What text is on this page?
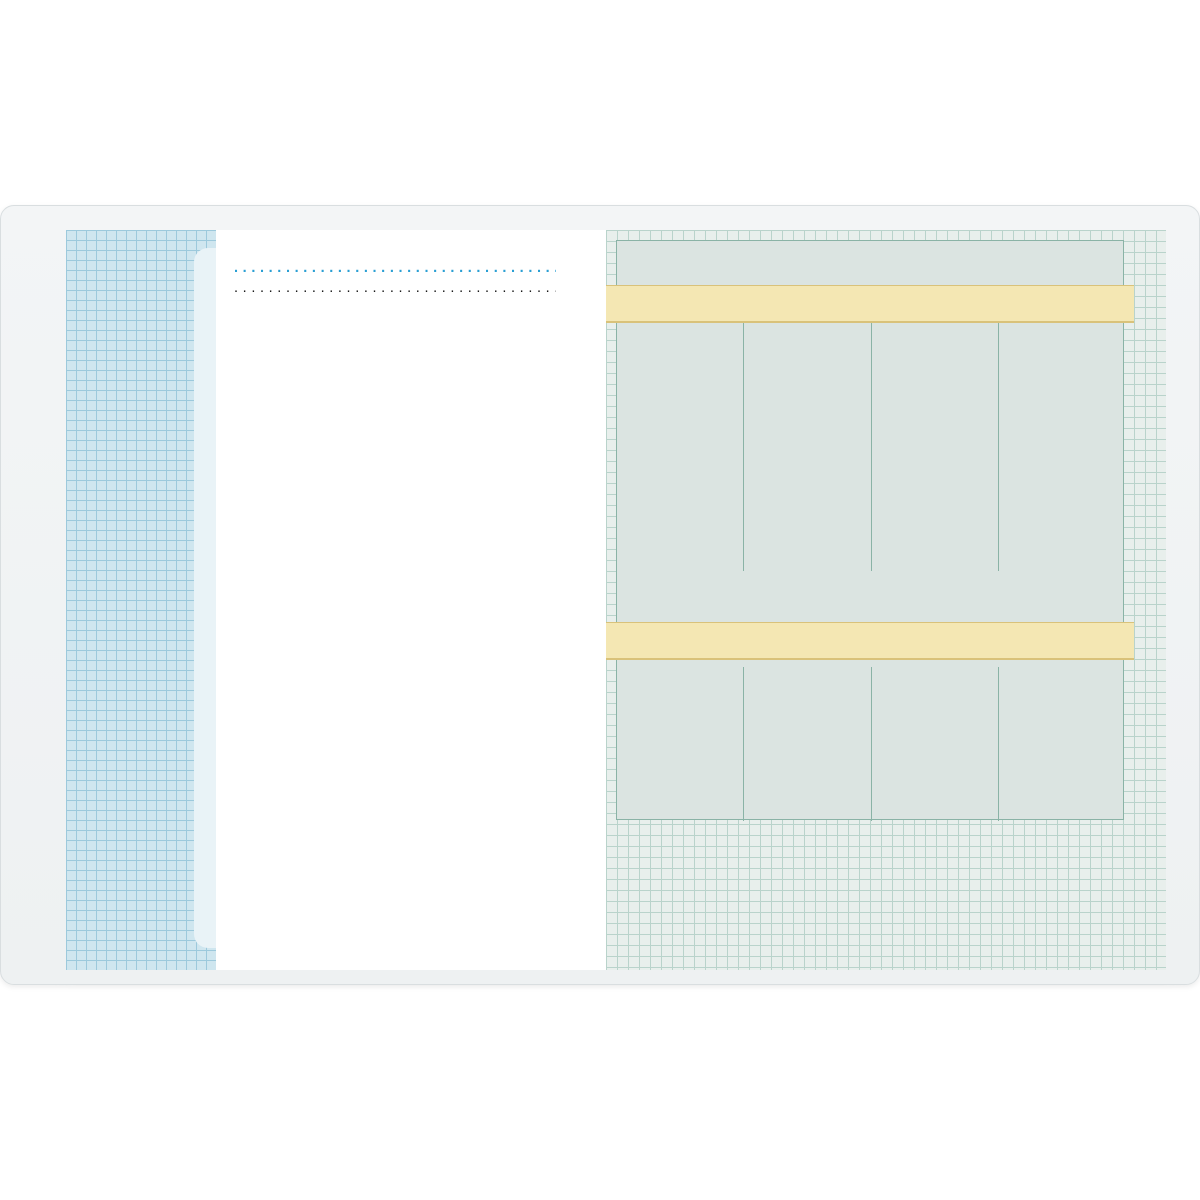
. . .
. . .
